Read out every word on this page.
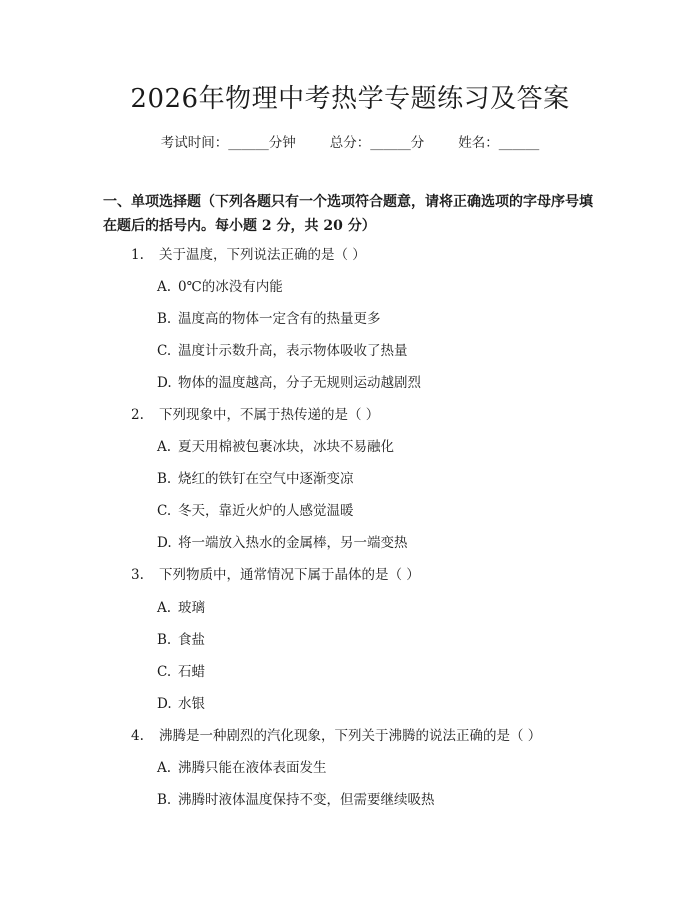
2026年物理中考热学专题练习及答案
考试时间：______分钟	总分：______分	姓名：______
一、单项选择题（下列各题只有一个选项符合题意，请将正确选项的字母序号填在题后的括号内。每小题 2 分，共 20 分）
1. 关于温度，下列说法正确的是（ ）
A. 0℃的冰没有内能
B. 温度高的物体一定含有的热量更多
C. 温度计示数升高，表示物体吸收了热量
D. 物体的温度越高，分子无规则运动越剧烈
2. 下列现象中，不属于热传递的是（ ）
A. 夏天用棉被包裹冰块，冰块不易融化
B. 烧红的铁钉在空气中逐渐变凉
C. 冬天，靠近火炉的人感觉温暖
D. 将一端放入热水的金属棒，另一端变热
3. 下列物质中，通常情况下属于晶体的是（ ）
A. 玻璃
B. 食盐
C. 石蜡
D. 水银
4. 沸腾是一种剧烈的汽化现象，下列关于沸腾的说法正确的是（ ）
A. 沸腾只能在液体表面发生
B. 沸腾时液体温度保持不变，但需要继续吸热
